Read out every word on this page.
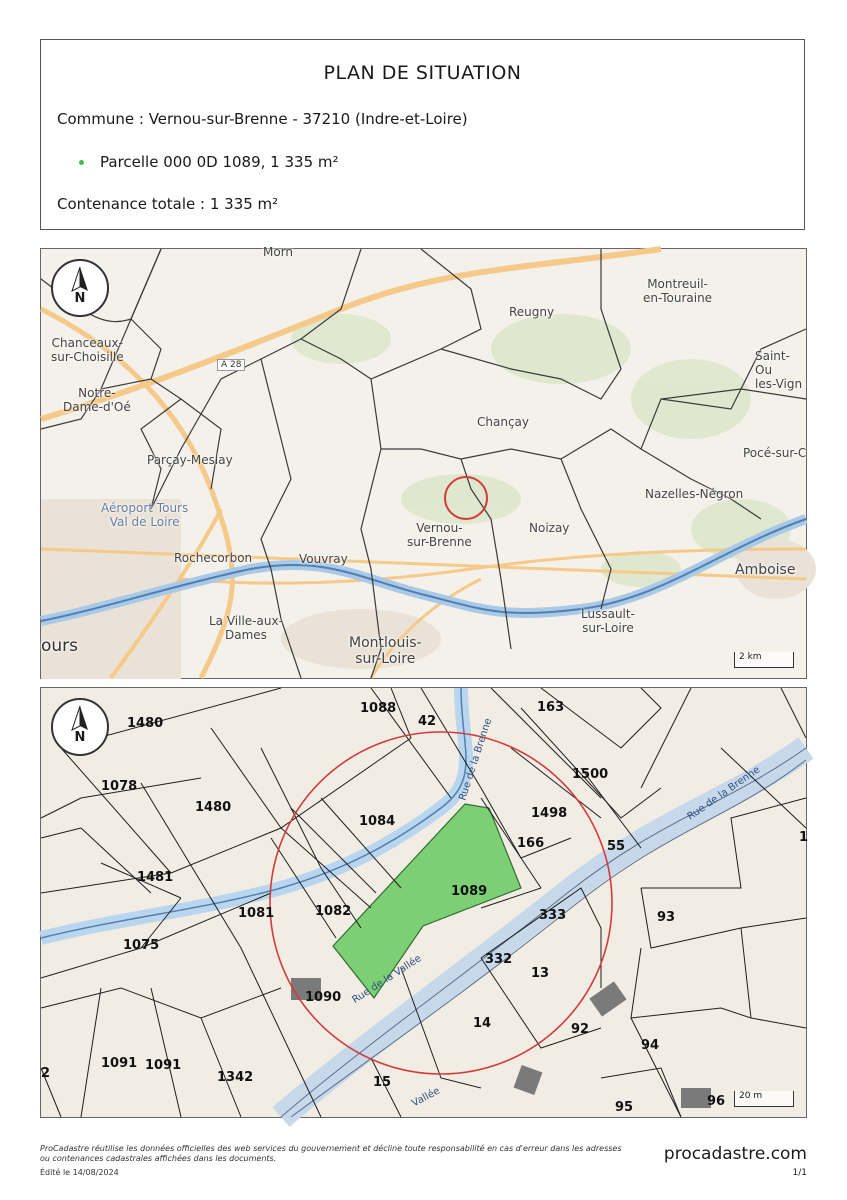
PLAN DE SITUATION
Commune : Vernou-sur-Brenne - 37210 (Indre-et-Loire)
Parcelle 000 0D 1089, 1 335 m²
Contenance totale : 1 335 m²
N
A 28
Chanceaux-
sur-Choisille
Notre-
Dame-d'Oé
Parçay-Meslay
Aéroport Tours
Val de Loire
Rochecorbon	Vouvray
Vernou-
sur-Brenne
Chançay
Reugny
Montreuil-
en-Touraine
Saint-Ou
les-Vign
Pocé-sur-C
Nazelles-Négron
Noizay
Amboise
Lussault-
sur-Loire
Montlouis-
sur-Loire
La Ville-aux-
Dames
ours
Morn
2 km
N
Rue de la Brenne
Rue de la Brenne
Rue de la Vallée
Vallée
1480
1078
1480
1088
42
163
1500
1498
166	55
1084
1089
1481
1081	1082
1075
333	93
332
13
1090
14	92
94
1091 1091
1342	15
95	96
2
1
20 m
ProCadastre réutilise les données officielles des web services du gouvernement et décline toute responsabilité en cas d'erreur dans les adresses ou contenances cadastrales affichées dans les documents.
Édité le 14/08/2024
procadastre.com
1/1
